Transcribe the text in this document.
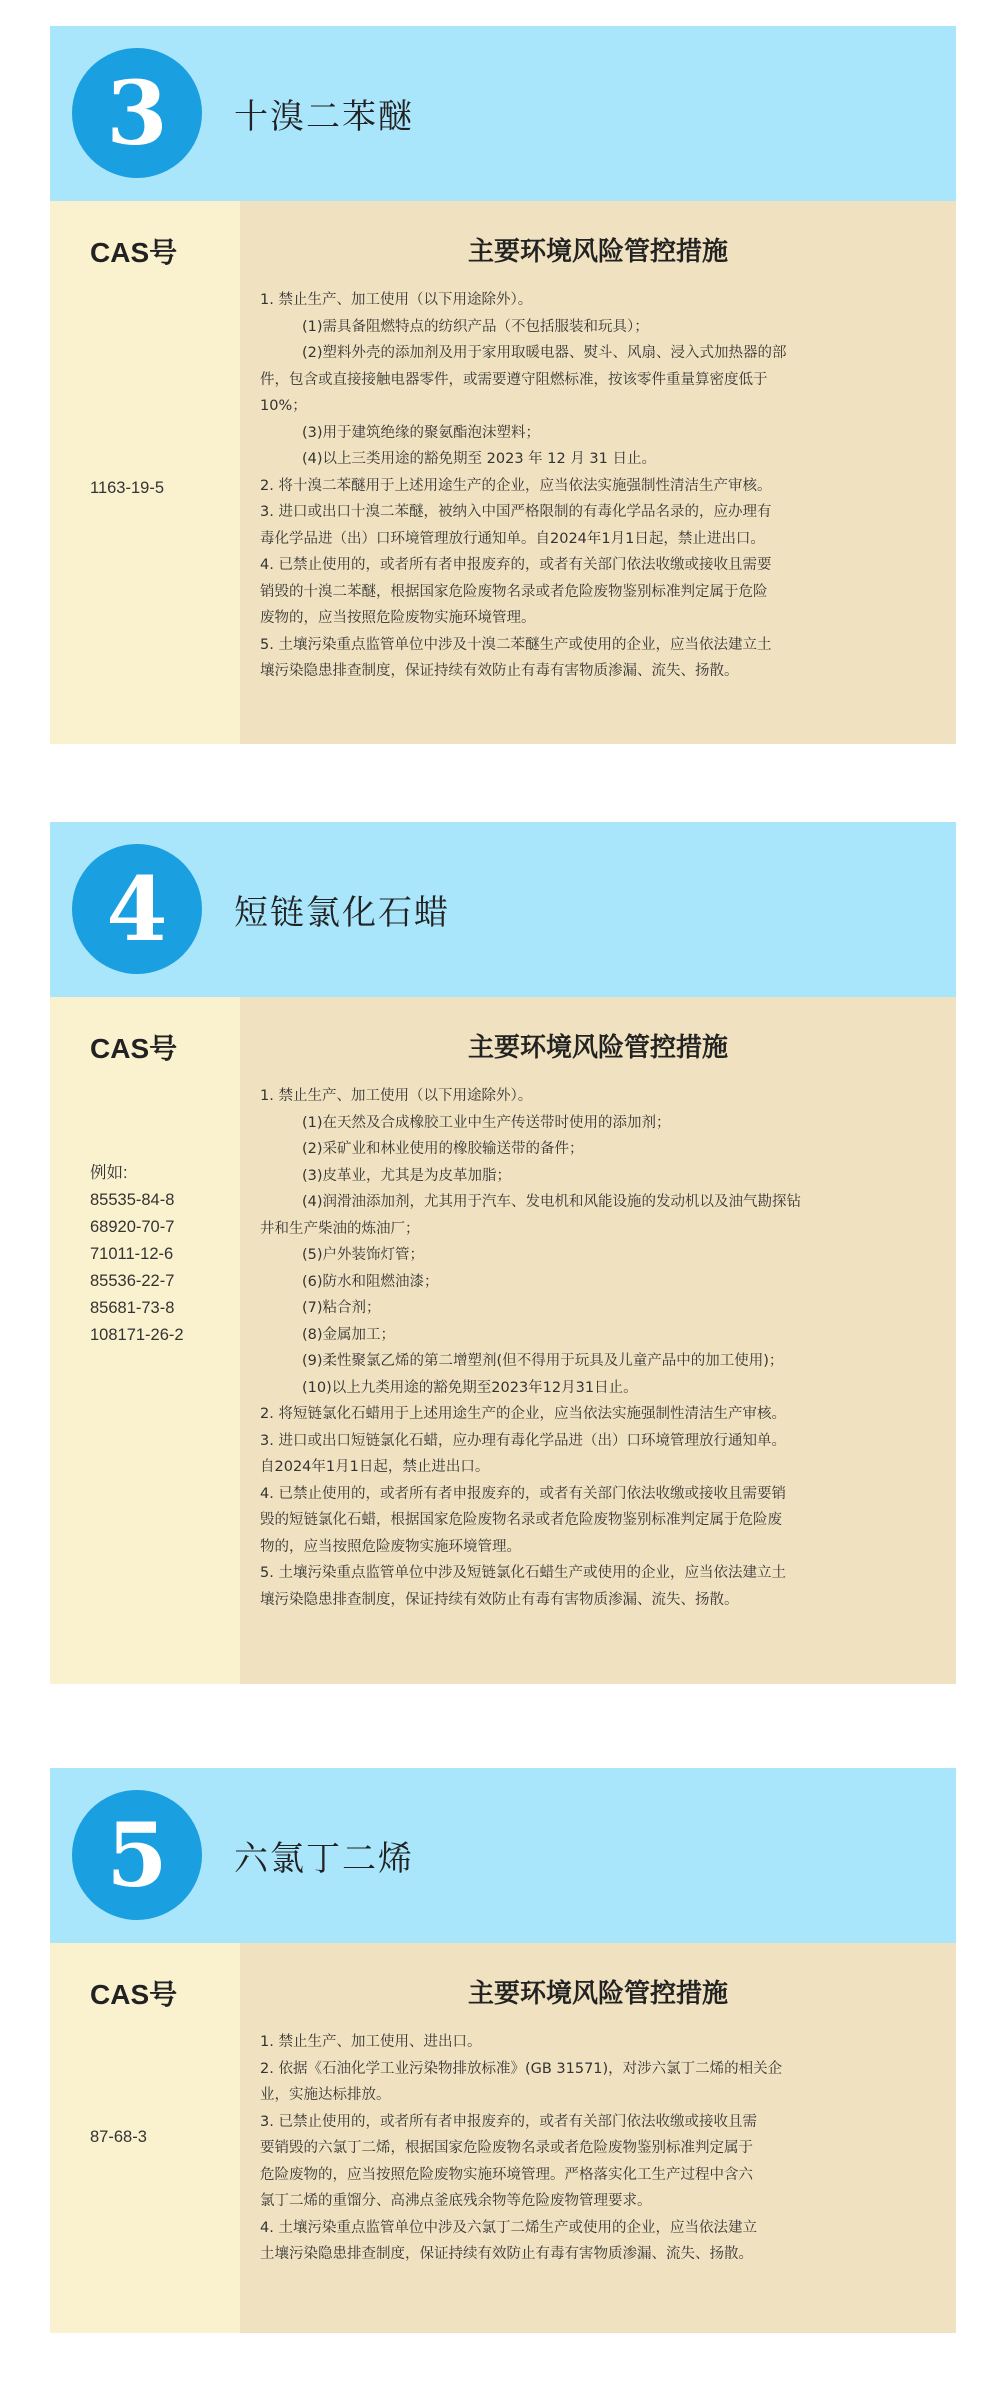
3	十溴二苯醚
CAS号
1163-19-5
主要环境风险管控措施
1. 禁止生产、加工使用（以下用途除外）。
(1)需具备阻燃特点的纺织产品（不包括服装和玩具）；
(2)塑料外壳的添加剂及用于家用取暖电器、熨斗、风扇、浸入式加热器的部
件，包含或直接接触电器零件，或需要遵守阻燃标准，按该零件重量算密度低于
10%；
(3)用于建筑绝缘的聚氨酯泡沫塑料；
(4)以上三类用途的豁免期至 2023 年 12 月 31 日止。
2. 将十溴二苯醚用于上述用途生产的企业，应当依法实施强制性清洁生产审核。
3. 进口或出口十溴二苯醚，被纳入中国严格限制的有毒化学品名录的，应办理有
毒化学品进（出）口环境管理放行通知单。自2024年1月1日起，禁止进出口。
4. 已禁止使用的，或者所有者申报废弃的，或者有关部门依法收缴或接收且需要
销毁的十溴二苯醚，根据国家危险废物名录或者危险废物鉴别标准判定属于危险
废物的，应当按照危险废物实施环境管理。
5. 土壤污染重点监管单位中涉及十溴二苯醚生产或使用的企业，应当依法建立土
壤污染隐患排查制度，保证持续有效防止有毒有害物质渗漏、流失、扬散。
4	短链氯化石蜡
CAS号
例如:
85535-84-8
68920-70-7
71011-12-6
85536-22-7
85681-73-8
108171-26-2
主要环境风险管控措施
1. 禁止生产、加工使用（以下用途除外）。
(1)在天然及合成橡胶工业中生产传送带时使用的添加剂；
(2)采矿业和林业使用的橡胶输送带的备件；
(3)皮革业，尤其是为皮革加脂；
(4)润滑油添加剂，尤其用于汽车、发电机和风能设施的发动机以及油气勘探钻
井和生产柴油的炼油厂；
(5)户外装饰灯管；
(6)防水和阻燃油漆；
(7)粘合剂；
(8)金属加工；
(9)柔性聚氯乙烯的第二增塑剂(但不得用于玩具及儿童产品中的加工使用)；
(10)以上九类用途的豁免期至2023年12月31日止。
2. 将短链氯化石蜡用于上述用途生产的企业，应当依法实施强制性清洁生产审核。
3. 进口或出口短链氯化石蜡，应办理有毒化学品进（出）口环境管理放行通知单。
自2024年1月1日起，禁止进出口。
4. 已禁止使用的，或者所有者申报废弃的，或者有关部门依法收缴或接收且需要销
毁的短链氯化石蜡，根据国家危险废物名录或者危险废物鉴别标准判定属于危险废
物的，应当按照危险废物实施环境管理。
5. 土壤污染重点监管单位中涉及短链氯化石蜡生产或使用的企业，应当依法建立土
壤污染隐患排查制度，保证持续有效防止有毒有害物质渗漏、流失、扬散。
5	六氯丁二烯
CAS号
87-68-3
主要环境风险管控措施
1. 禁止生产、加工使用、进出口。
2. 依据《石油化学工业污染物排放标准》(GB 31571)，对涉六氯丁二烯的相关企
业，实施达标排放。
3. 已禁止使用的，或者所有者申报废弃的，或者有关部门依法收缴或接收且需
要销毁的六氯丁二烯，根据国家危险废物名录或者危险废物鉴别标准判定属于
危险废物的，应当按照危险废物实施环境管理。严格落实化工生产过程中含六
氯丁二烯的重馏分、高沸点釜底残余物等危险废物管理要求。
4. 土壤污染重点监管单位中涉及六氯丁二烯生产或使用的企业，应当依法建立
土壤污染隐患排查制度，保证持续有效防止有毒有害物质渗漏、流失、扬散。
